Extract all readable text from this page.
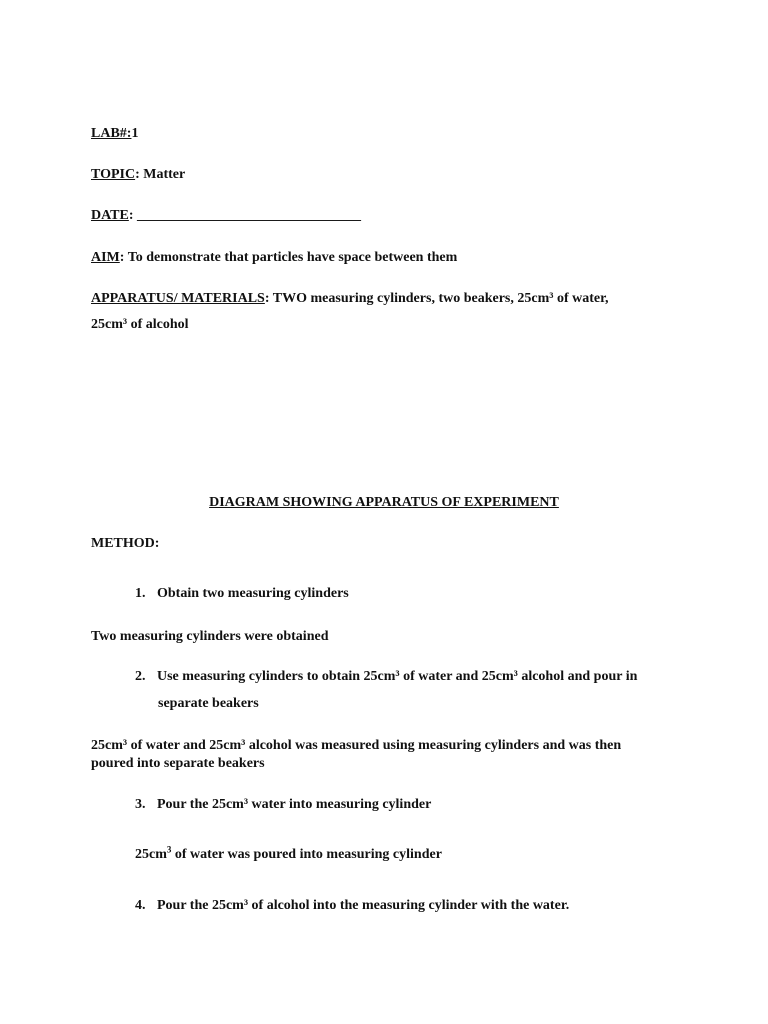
LAB#:1
TOPIC: Matter
DATE: ________________________________
AIM: To demonstrate that particles have space between them
APPARATUS/ MATERIALS: TWO measuring cylinders, two beakers, 25cm³ of water,
25cm³ of alcohol
DIAGRAM SHOWING APPARATUS OF EXPERIMENT
METHOD:
1. Obtain two measuring cylinders
Two measuring cylinders were obtained
2. Use measuring cylinders to obtain 25cm³ of water and 25cm³ alcohol and pour in
separate beakers
25cm³ of water and 25cm³ alcohol was measured using measuring cylinders and was then
poured into separate beakers
3. Pour the 25cm³ water into measuring cylinder
$25cm^3$ of water was poured into measuring cylinder
4. Pour the 25cm³ of alcohol into the measuring cylinder with the water.
